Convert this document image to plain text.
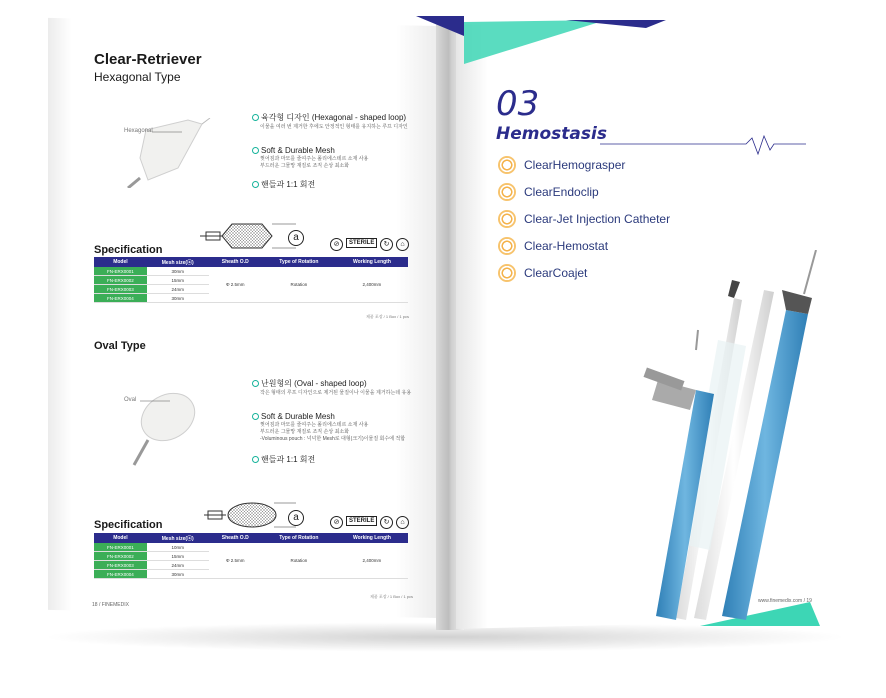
Clear-Retriever
Hexagonal Type
Hexagonal
육각형 디자인 (Hexagonal - shaped loop)
이물을 여러 번 제거한 후에도 안정적인 형태를 유지하는 루프 디자인
Soft & Durable Mesh
찢어짐과 마모를 줄여주는 폴리에스테르 소재 사용
부드러운 그물망 재질로 조직 손상 최소화
핸들과 1:1 회전
a
Specification	⊘	STERILE	↻	⌂
Model	Mesh size(ⓐ)	Sheath O.D	Type of Rotation	Working Length
FN-ERX0001	30mm	Φ 2.5mm	Rotation	2,400mm
FN-ERX0002	15mm			
FN-ERX0003	24mm			
FN-ERX0004	30mm			
제품 포장 / 1 Box / 1 pcs
Oval Type
Oval
난원형의 (Oval - shaped loop)
작은 형태의 루프 디자인으로 제거된 물질이나 이물을 제거하는데 유용
Soft & Durable Mesh
찢어짐과 마모를 줄여주는 폴리에스테르 소재 사용
부드러운 그물망 재질로 조직 손상 최소화
-Voluminous pouch : 넉넉한 Mesh로 대형(크기)이물질 회수에 적합
핸들과 1:1 회전
a
Specification	⊘	STERILE	↻	⌂
Model	Mesh size(ⓐ)	Sheath O.D	Type of Rotation	Working Length
FN-ERX0001	10mm	Φ 2.5mm	Rotation	2,400mm
FN-ERX0002	15mm			
FN-ERX0003	24mm			
FN-ERX0004	30mm			
제품 포장 / 1 Box / 1 pcs
18 / FINEMEDIX
03
Hemostasis
ClearHemograsper
ClearEndoclip
Clear-Jet Injection Catheter
Clear-Hemostat
ClearCoajet
www.finemedix.com / 19
